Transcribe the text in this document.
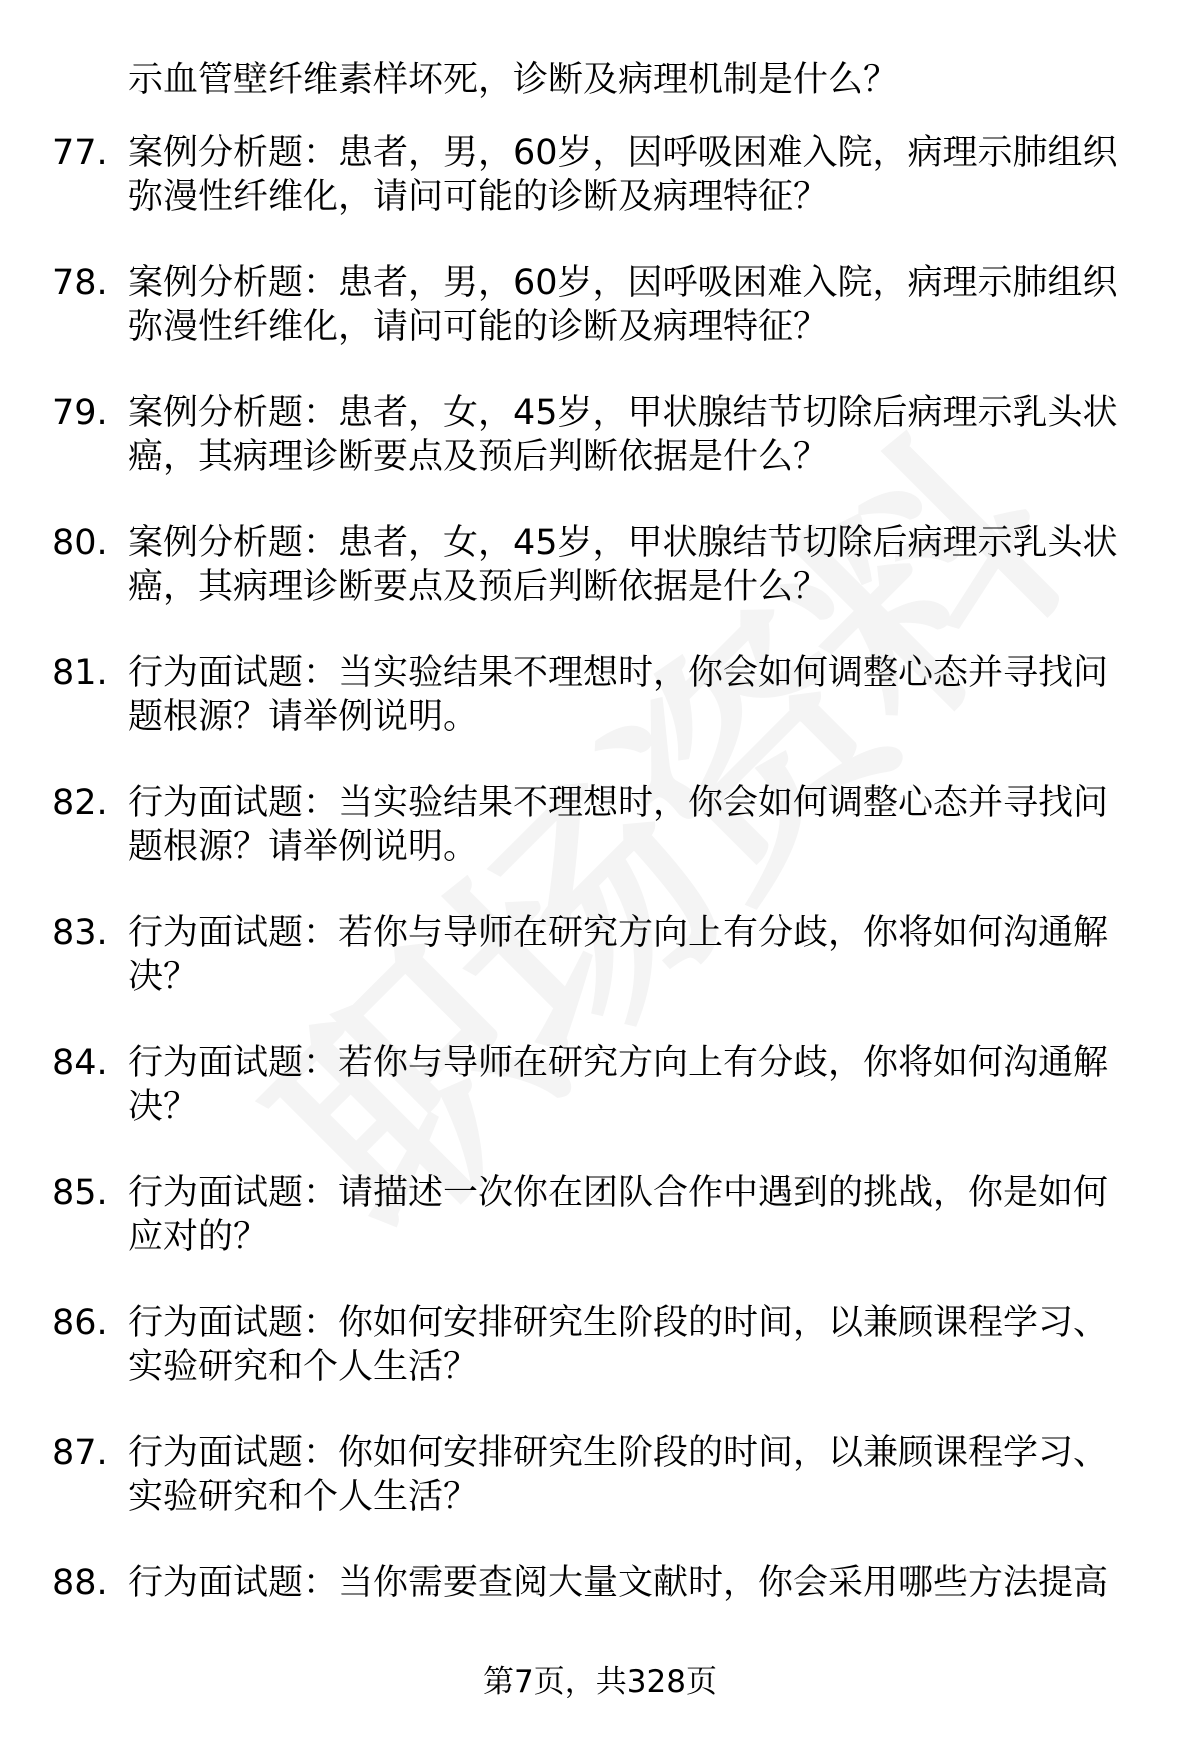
示血管壁纤维素样坏死，诊断及病理机制是什么？
77. 案例分析题：患者，男，60岁，因呼吸困难入院，病理示肺组织
弥漫性纤维化，请问可能的诊断及病理特征？
78. 案例分析题：患者，男，60岁，因呼吸困难入院，病理示肺组织
弥漫性纤维化，请问可能的诊断及病理特征？
79. 案例分析题：患者，女，45岁，甲状腺结节切除后病理示乳头状
癌，其病理诊断要点及预后判断依据是什么？
80. 案例分析题：患者，女，45岁，甲状腺结节切除后病理示乳头状
癌，其病理诊断要点及预后判断依据是什么？
81. 行为面试题：当实验结果不理想时，你会如何调整心态并寻找问
题根源？请举例说明。
82. 行为面试题：当实验结果不理想时，你会如何调整心态并寻找问
题根源？请举例说明。
83. 行为面试题：若你与导师在研究方向上有分歧，你将如何沟通解
决？
84. 行为面试题：若你与导师在研究方向上有分歧，你将如何沟通解
决？
85. 行为面试题：请描述一次你在团队合作中遇到的挑战，你是如何
应对的？
86. 行为面试题：你如何安排研究生阶段的时间，以兼顾课程学习、
实验研究和个人生活？
87. 行为面试题：你如何安排研究生阶段的时间，以兼顾课程学习、
实验研究和个人生活？
88. 行为面试题：当你需要查阅大量文献时，你会采用哪些方法提高
第7页，共328页
